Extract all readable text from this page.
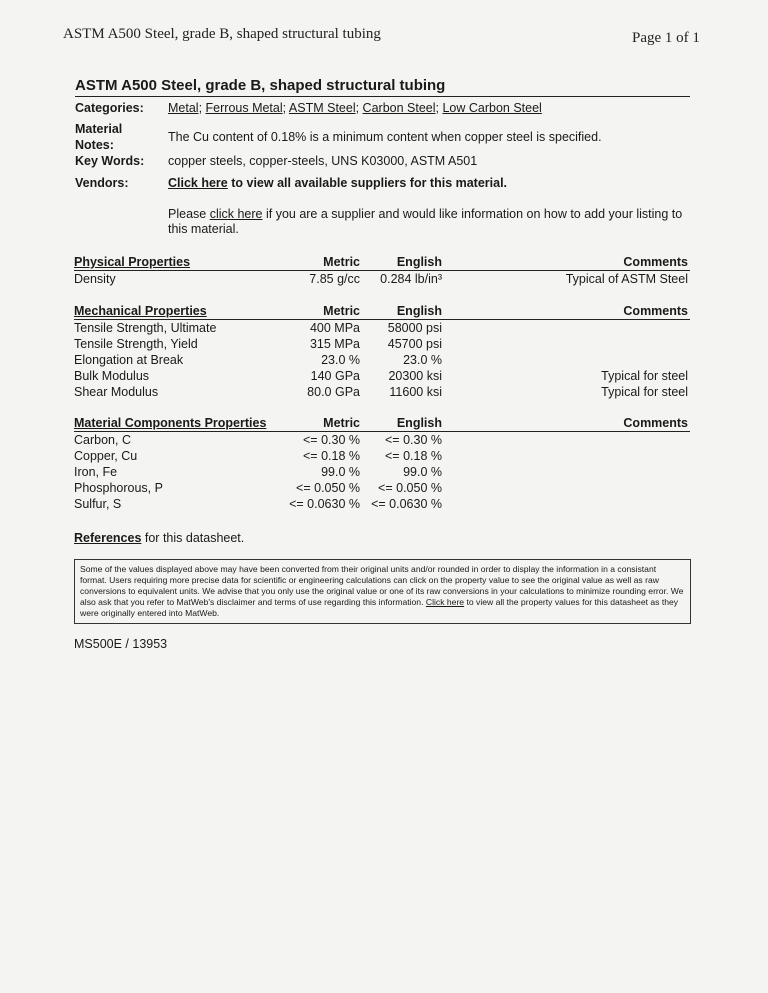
ASTM A500 Steel, grade B, shaped structural tubing	Page 1 of 1
ASTM A500 Steel, grade B, shaped structural tubing
Categories:	Metal; Ferrous Metal; ASTM Steel; Carbon Steel; Low Carbon Steel
Material
Notes:
The Cu content of 0.18% is a minimum content when copper steel is specified.
Key Words:	copper steels, copper-steels, UNS K03000, ASTM A501
Vendors:	Click here to view all available suppliers for this material.
Please click here if you are a supplier and would like information on how to add your listing to this material.
Physical Properties	Metric	English	Comments
Density	7.85 g/cc 0.284 lb/in³	Typical of ASTM Steel
Mechanical Properties	Metric	English	Comments
Tensile Strength, Ultimate	400 MPa 58000 psi
Tensile Strength, Yield	315 MPa 45700 psi
Elongation at Break	23.0 %	23.0 %
Bulk Modulus	140 GPa 20300 ksi	Typical for steel
Shear Modulus	80.0 GPa 11600 ksi	Typical for steel
Material Components Properties	Metric	English	Comments
Carbon, C	<= 0.30 % <= 0.30 %
Copper, Cu	<= 0.18 % <= 0.18 %
Iron, Fe	99.0 %	99.0 %
Phosphorous, P	<= 0.050 % <= 0.050 %
Sulfur, S	<= 0.0630 % <= 0.0630 %
References for this datasheet.
Some of the values displayed above may have been converted from their original units and/or rounded in order to display the information in a consistant format. Users requiring more precise data for scientific or engineering calculations can click on the property value to see the original value as well as raw conversions to equivalent units. We advise that you only use the original value or one of its raw conversions in your calculations to minimize rounding error. We also ask that you refer to MatWeb's disclaimer and terms of use regarding this information. Click here to view all the property values for this datasheet as they were originally entered into MatWeb.
MS500E / 13953
